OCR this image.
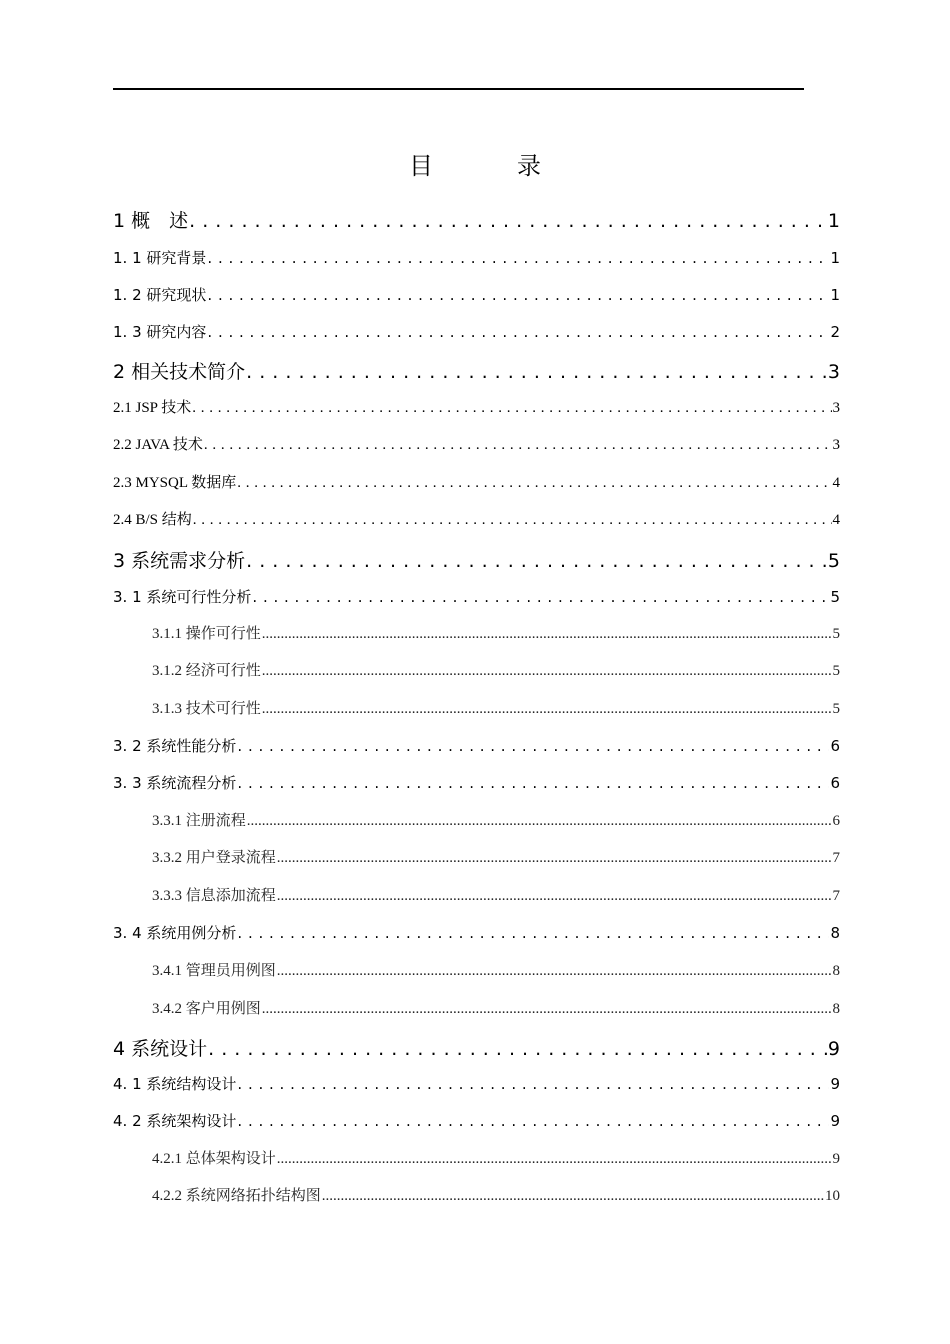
目　录
1 概　述 . . .	1
1. 1 研究背景 . . .	1
1. 2 研究现状 . . .	1
1. 3 研究内容 . . .	2
2 相关技术简介 . . .	3
2.1 JSP 技术 . . .	3
2.2 JAVA 技术 . . .	3
2.3 MYSQL 数据库 . . .	4
2.4 B/S 结构 . . .	4
3 系统需求分析 . . .	5
3. 1 系统可行性分析 . . .	5
3.1.1 操作可行性 .....	5
3.1.2 经济可行性 .....	5
3.1.3 技术可行性 .....	5
3. 2 系统性能分析 . . .	6
3. 3 系统流程分析 . . .	6
3.3.1 注册流程 .....	6
3.3.2 用户登录流程 .....	7
3.3.3 信息添加流程 .....	7
3. 4 系统用例分析 . . .	8
3.4.1 管理员用例图 .....	8
3.4.2 客户用例图 .....	8
4 系统设计 . . .	9
4. 1 系统结构设计 . . .	9
4. 2 系统架构设计 . . .	9
4.2.1 总体架构设计 .....	9
4.2.2 系统网络拓扑结构图 .....	10
